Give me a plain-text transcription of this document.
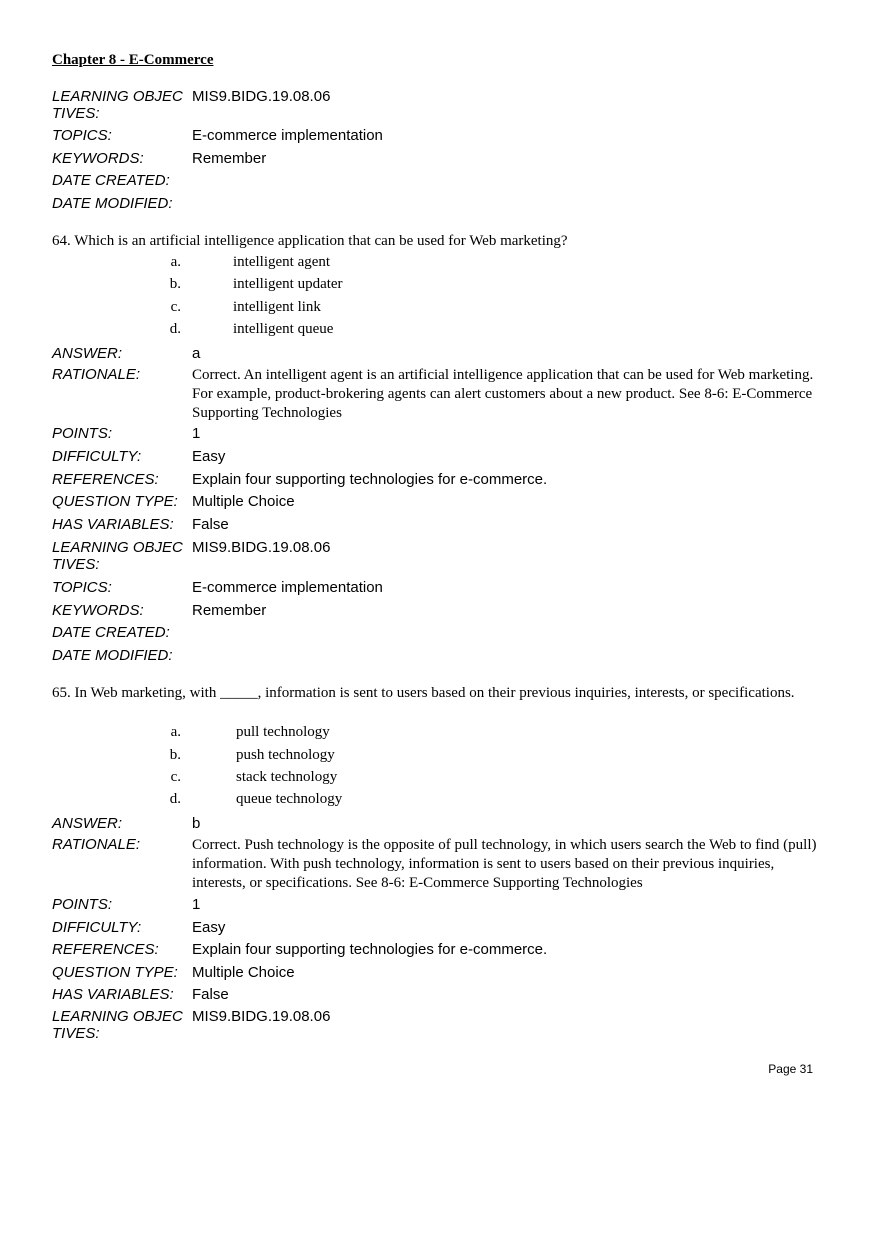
Chapter 8 - E-Commerce
LEARNING OBJEC
TIVES:
MIS9.BIDG.19.08.06
TOPICS:	E-commerce implementation
KEYWORDS:	Remember
DATE CREATED:
DATE MODIFIED:
64. Which is an artificial intelligence application that can be used for Web marketing?
a.	intelligent agent
b.	intelligent updater
c.	intelligent link
d.	intelligent queue
ANSWER:	a
RATIONALE:	Correct. An intelligent agent is an artificial intelligence application that can be used for Web marketing. For example, product-brokering agents can alert customers about a new product. See 8-6: E-Commerce Supporting Technologies
POINTS:	1
DIFFICULTY:	Easy
REFERENCES:	Explain four supporting technologies for e-commerce.
QUESTION TYPE: Multiple Choice
HAS VARIABLES:	False
LEARNING OBJEC
TIVES:
MIS9.BIDG.19.08.06
TOPICS:	E-commerce implementation
KEYWORDS:	Remember
DATE CREATED:
DATE MODIFIED:
65. In Web marketing, with _____, information is sent to users based on their previous inquiries, interests, or specifications.
a.	pull technology
b.	push technology
c.	stack technology
d.	queue technology
ANSWER:	b
RATIONALE:	Correct. Push technology is the opposite of pull technology, in which users search the Web to find (pull) information. With push technology, information is sent to users based on their previous inquiries, interests, or specifications. See 8-6: E-Commerce Supporting Technologies
POINTS:	1
DIFFICULTY:	Easy
REFERENCES:	Explain four supporting technologies for e-commerce.
QUESTION TYPE: Multiple Choice
HAS VARIABLES:	False
LEARNING OBJEC
TIVES:
MIS9.BIDG.19.08.06
Page 31
